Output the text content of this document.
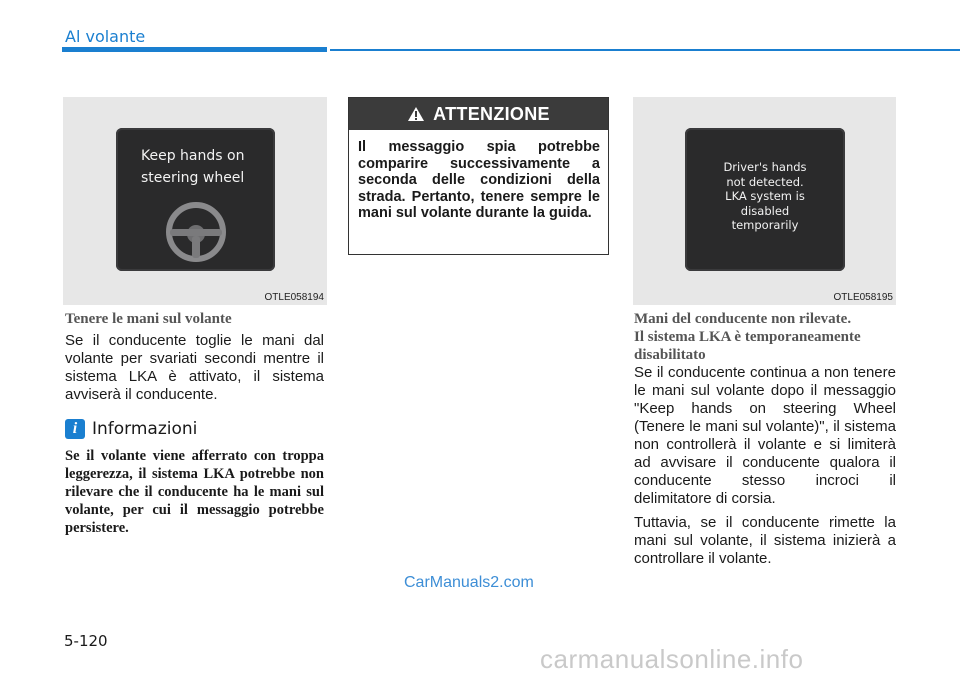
Al volante
Keep hands on
steering wheel
OTLE058194
Tenere le mani sul volante

Se il conducente toglie le mani dal volante per svariati secondi mentre il sistema LKA è attivato, il sistema avviserà il conducente.

i Informazioni
Se il volante viene afferrato con troppa leggerezza, il sistema LKA potrebbe non rilevare che il conducente ha le mani sul volante, per cui il messaggio potrebbe persistere.
ATTENZIONE
Il messaggio spia potrebbe comparire successivamente a seconda delle condizioni della strada. Pertanto, tenere sempre le mani sul volante durante la guida.
Driver's hands
not detected.
LKA system is
disabled
temporarily
OTLE058195
Mani del conducente non rilevate.
Il sistema LKA è temporaneamente
disabilitato

Se il conducente continua a non tenere le mani sul volante dopo il messaggio "Keep hands on steering Wheel (Tenere le mani sul volante)", il sistema non controllerà il volante e si limiterà ad avvisare il conducente qualora il conducente stesso incroci il delimitatore di corsia.

Tuttavia, se il conducente rimette la mani sul volante, il sistema inizierà a controllare il volante.

CarManuals2.com
5-120
carmanualsonline.info
